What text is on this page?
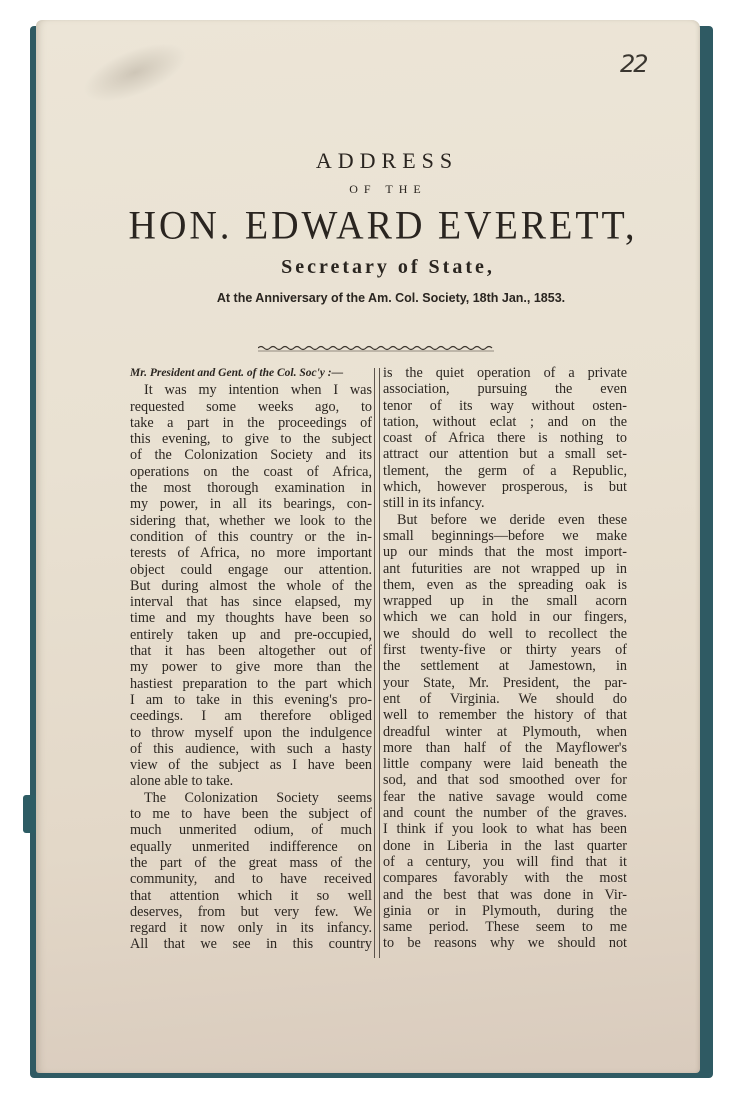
22
ADDRESS
OF THE
HON. EDWARD EVERETT,
Secretary of State,
At the Anniversary of the Am. Col. Society, 18th Jan., 1853.
Mr. President and Gent. of the Col. Soc'y :—
It was my intention when I was
requested some weeks ago, to
take a part in the proceedings of
this evening, to give to the subject
of the Colonization Society and its
operations on the coast of Africa,
the most thorough examination in
my power, in all its bearings, con-
sidering that, whether we look to the
condition of this country or the in-
terests of Africa, no more important
object could engage our attention.
But during almost the whole of the
interval that has since elapsed, my
time and my thoughts have been so
entirely taken up and pre-occupied,
that it has been altogether out of
my power to give more than the
hastiest preparation to the part which
I am to take in this evening's pro-
ceedings. I am therefore obliged
to throw myself upon the indulgence
of this audience, with such a hasty
view of the subject as I have been
alone able to take.
The Colonization Society seems
to me to have been the subject of
much unmerited odium, of much
equally unmerited indifference on
the part of the great mass of the
community, and to have received
that attention which it so well
deserves, from but very few. We
regard it now only in its infancy.
All that we see in this country
is the quiet operation of a private
association, pursuing the even
tenor of its way without osten-
tation, without eclat ; and on the
coast of Africa there is nothing to
attract our attention but a small set-
tlement, the germ of a Republic,
which, however prosperous, is but
still in its infancy.
But before we deride even these
small beginnings—before we make
up our minds that the most import-
ant futurities are not wrapped up in
them, even as the spreading oak is
wrapped up in the small acorn
which we can hold in our fingers,
we should do well to recollect the
first twenty-five or thirty years of
the settlement at Jamestown, in
your State, Mr. President, the par-
ent of Virginia. We should do
well to remember the history of that
dreadful winter at Plymouth, when
more than half of the Mayflower's
little company were laid beneath the
sod, and that sod smoothed over for
fear the native savage would come
and count the number of the graves.
I think if you look to what has been
done in Liberia in the last quarter
of a century, you will find that it
compares favorably with the most
and the best that was done in Vir-
ginia or in Plymouth, during the
same period. These seem to me
to be reasons why we should not
